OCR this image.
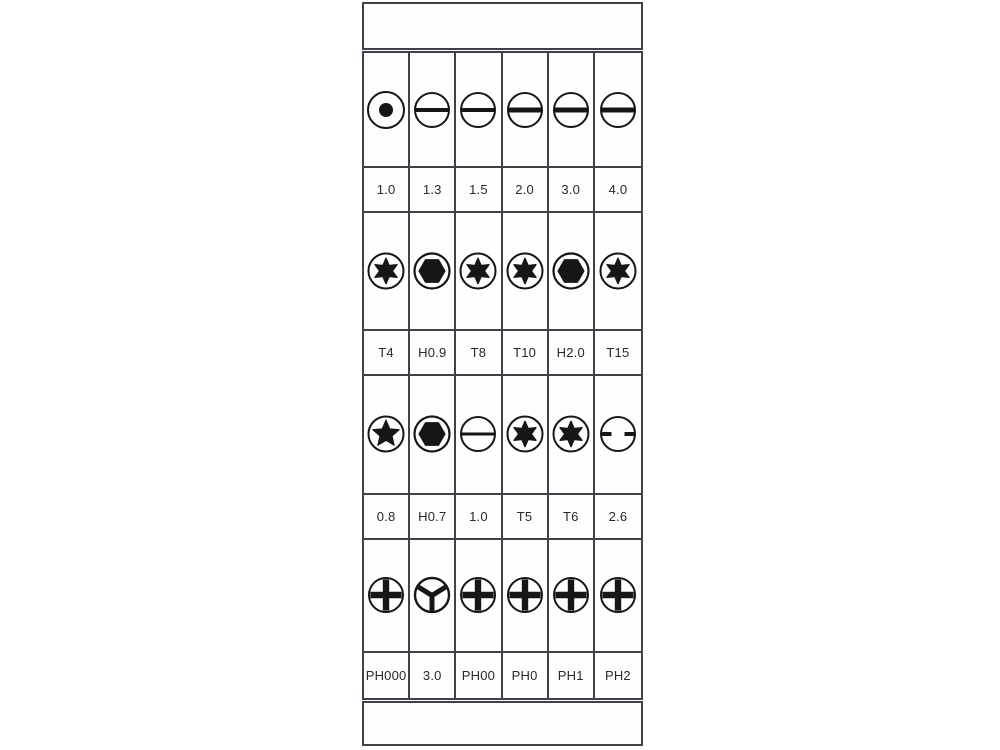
1.0	1.3	1.5	2.0	3.0	4.0
T4	H0.9	T8	T10	H2.0	T15
0.8	H0.7	1.0	T5	T6	2.6
PH000	3.0	PH00	PH0	PH1	PH2
